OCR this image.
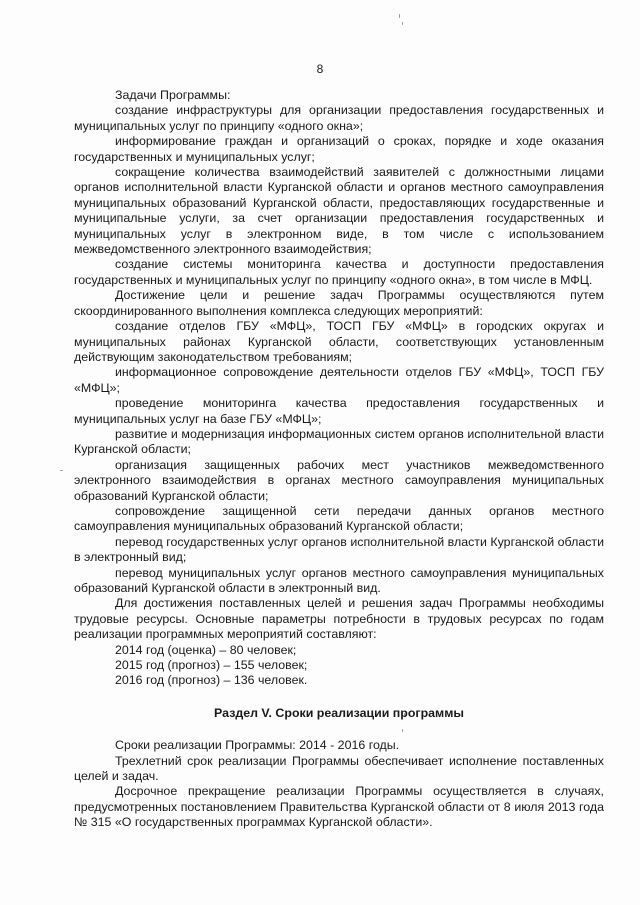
8

Задачи Программы:

создание инфраструктуры для организации предоставления государственных и муниципальных услуг по принципу «одного окна»;

информирование граждан и организаций о сроках, порядке и ходе оказания государственных и муниципальных услуг;

сокращение количества взаимодействий заявителей с должностными лицами органов исполнительной власти Курганской области и органов местного самоуправления муниципальных образований Курганской области, предоставляющих государственные и муниципальные услуги, за счет организации предоставления государственных и муниципальных услуг в электронном виде, в том числе с использованием межведомственного электронного взаимодействия;

создание системы мониторинга качества и доступности предоставления государственных и муниципальных услуг по принципу «одного окна», в том числе в МФЦ.

Достижение цели и решение задач Программы осуществляются путем скоординированного выполнения комплекса следующих мероприятий:

создание отделов ГБУ «МФЦ», ТОСП ГБУ «МФЦ» в городских округах и муниципальных районах Курганской области, соответствующих установленным действующим законодательством требованиям;

информационное сопровождение деятельности отделов ГБУ «МФЦ», ТОСП ГБУ «МФЦ»;

проведение мониторинга качества предоставления государственных и муниципальных услуг на базе ГБУ «МФЦ»;

развитие и модернизация информационных систем органов исполнительной власти Курганской области;

организация защищенных рабочих мест участников межведомственного электронного взаимодействия в органах местного самоуправления муниципальных образований Курганской области;

сопровождение защищенной сети передачи данных органов местного самоуправления муниципальных образований Курганской области;

перевод государственных услуг органов исполнительной власти Курганской области в электронный вид;

перевод муниципальных услуг органов местного самоуправления муниципальных образований Курганской области в электронный вид.

Для достижения поставленных целей и решения задач Программы необходимы трудовые ресурсы. Основные параметры потребности в трудовых ресурсах по годам реализации программных мероприятий составляют:

2014 год (оценка) – 80 человек;

2015 год (прогноз) – 155 человек;

2016 год (прогноз) – 136 человек.

Раздел V. Сроки реализации программы

Сроки реализации Программы: 2014 - 2016 годы.

Трехлетний срок реализации Программы обеспечивает исполнение поставленных целей и задач.

Досрочное прекращение реализации Программы осуществляется в случаях, предусмотренных постановлением Правительства Курганской области от 8 июля 2013 года № 315 «О государственных программах Курганской области».
